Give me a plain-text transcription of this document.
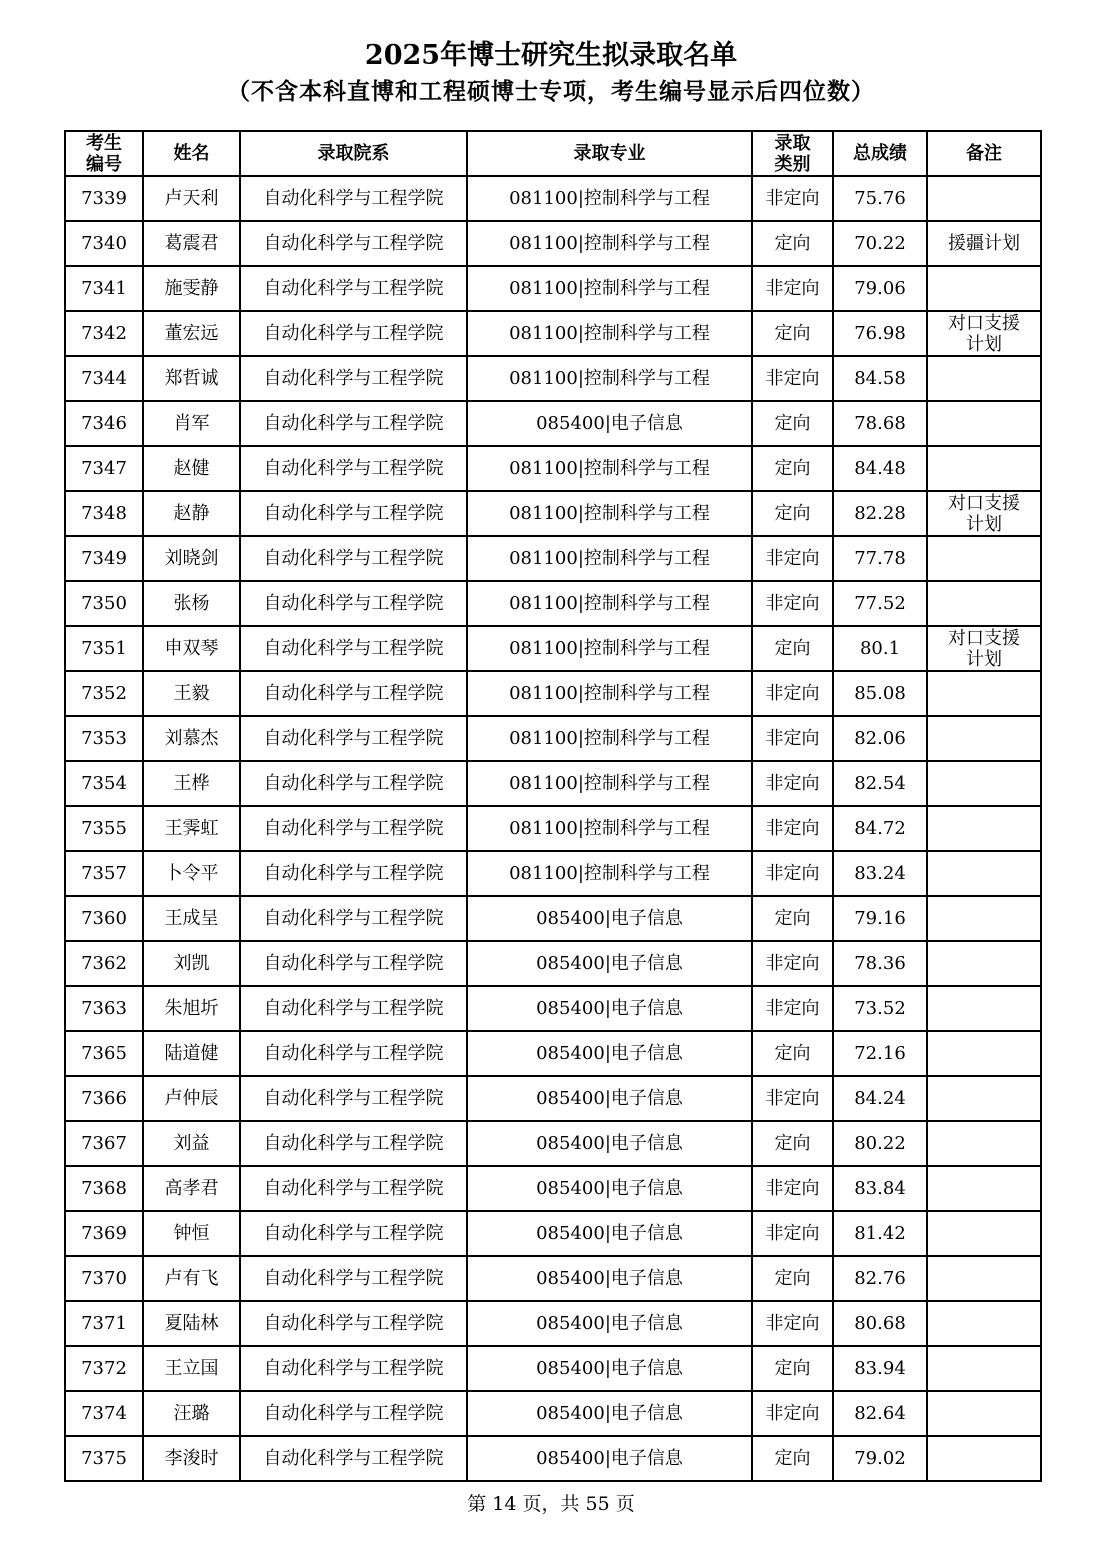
2025年博士研究生拟录取名单
（不含本科直博和工程硕博士专项，考生编号显示后四位数）
考生编号	姓名	录取院系	录取专业	录取类别	总成绩	备注
7339	卢天利	自动化科学与工程学院	081100|控制科学与工程	非定向	75.76	
7340	葛震君	自动化科学与工程学院	081100|控制科学与工程	定向	70.22	援疆计划
7341	施雯静	自动化科学与工程学院	081100|控制科学与工程	非定向	79.06	
7342	董宏远	自动化科学与工程学院	081100|控制科学与工程	定向	76.98	对口支援计划
7344	郑哲诚	自动化科学与工程学院	081100|控制科学与工程	非定向	84.58	
7346	肖军	自动化科学与工程学院	085400|电子信息	定向	78.68	
7347	赵健	自动化科学与工程学院	081100|控制科学与工程	定向	84.48	
7348	赵静	自动化科学与工程学院	081100|控制科学与工程	定向	82.28	对口支援计划
7349	刘晓剑	自动化科学与工程学院	081100|控制科学与工程	非定向	77.78	
7350	张杨	自动化科学与工程学院	081100|控制科学与工程	非定向	77.52	
7351	申双琴	自动化科学与工程学院	081100|控制科学与工程	定向	80.1	对口支援计划
7352	王毅	自动化科学与工程学院	081100|控制科学与工程	非定向	85.08	
7353	刘慕杰	自动化科学与工程学院	081100|控制科学与工程	非定向	82.06	
7354	王桦	自动化科学与工程学院	081100|控制科学与工程	非定向	82.54	
7355	王霁虹	自动化科学与工程学院	081100|控制科学与工程	非定向	84.72	
7357	卜令平	自动化科学与工程学院	081100|控制科学与工程	非定向	83.24	
7360	王成呈	自动化科学与工程学院	085400|电子信息	定向	79.16	
7362	刘凯	自动化科学与工程学院	085400|电子信息	非定向	78.36	
7363	朱旭圻	自动化科学与工程学院	085400|电子信息	非定向	73.52	
7365	陆道健	自动化科学与工程学院	085400|电子信息	定向	72.16	
7366	卢仲辰	自动化科学与工程学院	085400|电子信息	非定向	84.24	
7367	刘益	自动化科学与工程学院	085400|电子信息	定向	80.22	
7368	高孝君	自动化科学与工程学院	085400|电子信息	非定向	83.84	
7369	钟恒	自动化科学与工程学院	085400|电子信息	非定向	81.42	
7370	卢有飞	自动化科学与工程学院	085400|电子信息	定向	82.76	
7371	夏陆林	自动化科学与工程学院	085400|电子信息	非定向	80.68	
7372	王立国	自动化科学与工程学院	085400|电子信息	定向	83.94	
7374	汪璐	自动化科学与工程学院	085400|电子信息	非定向	82.64	
7375	李浚时	自动化科学与工程学院	085400|电子信息	定向	79.02	
第 14 页，共 55 页
